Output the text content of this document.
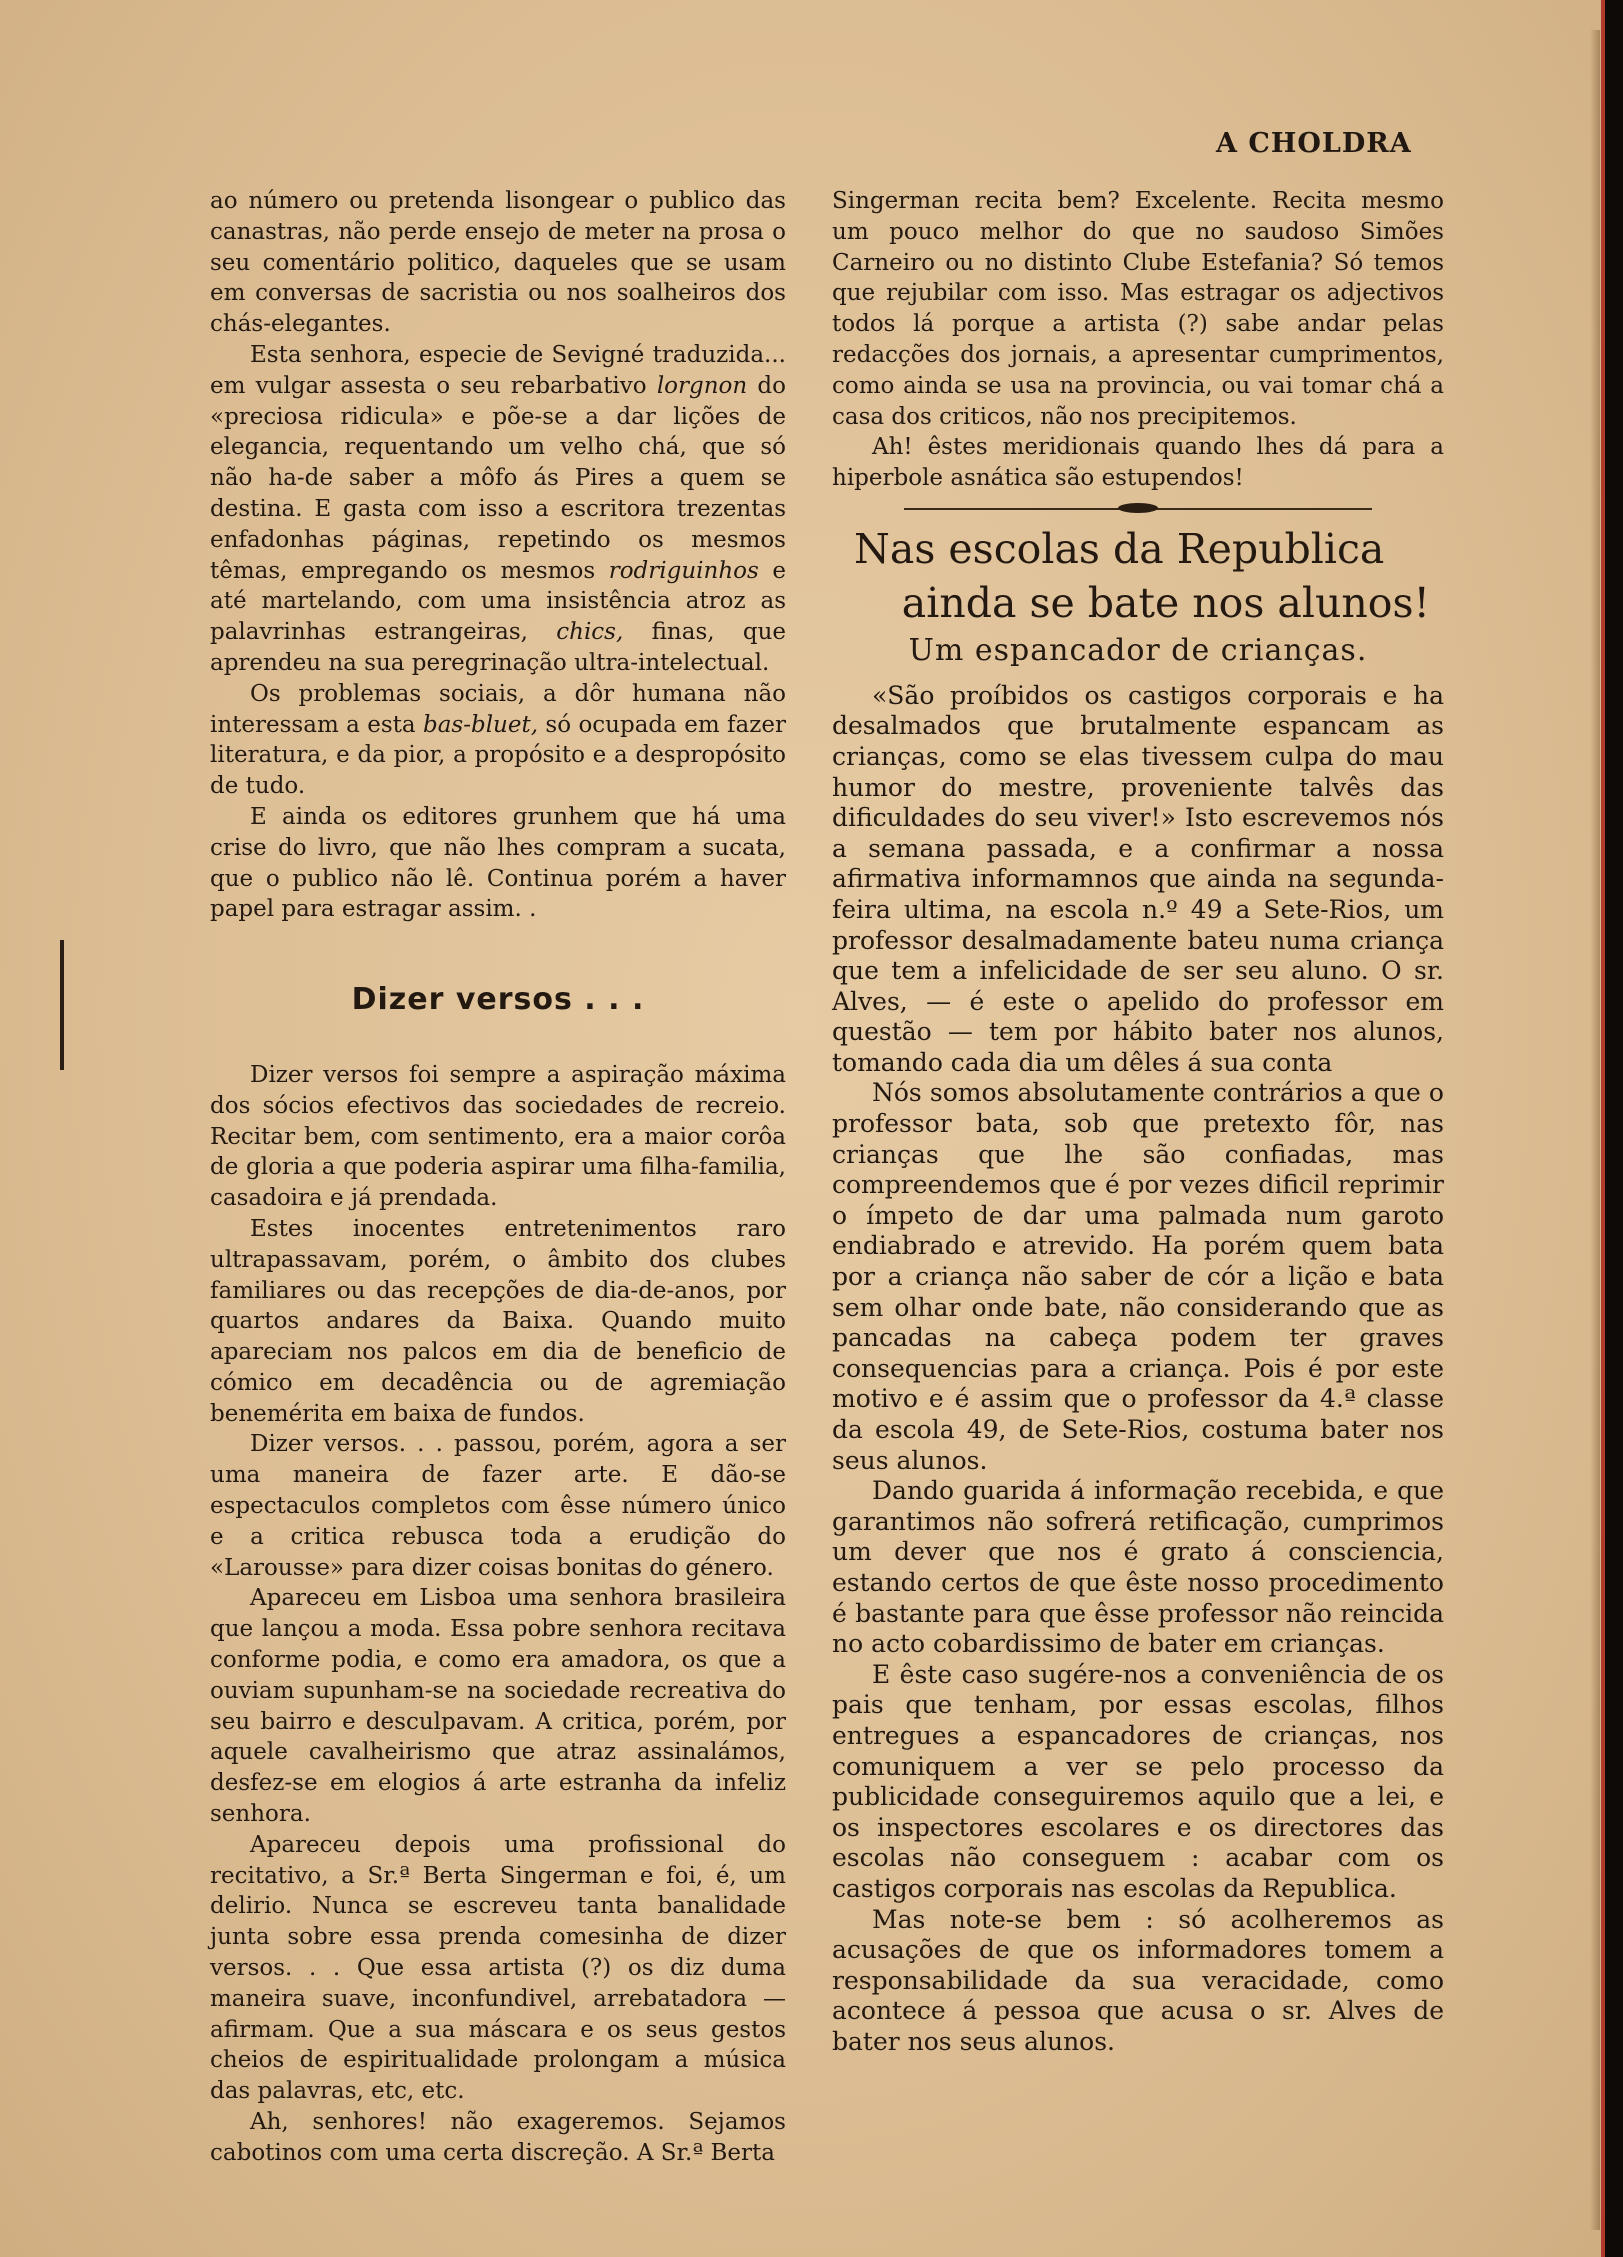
A CHOLDRA

ao número ou pretenda lisongear o publico das canastras, não perde ensejo de meter na prosa o seu comentário politico, daqueles que se usam em conversas de sacristia ou nos soalheiros dos chás-elegantes.

Esta senhora, especie de Sevigné traduzida... em vulgar assesta o seu rebarbativo lorgnon do «preciosa ridicula» e põe-se a dar lições de elegancia, requentando um velho chá, que só não ha-de saber a môfo ás Pires a quem se destina. E gasta com isso a escritora trezentas enfadonhas páginas, repetindo os mesmos têmas, empregando os mesmos rodriguinhos e até martelando, com uma insistência atroz as palavrinhas estrangeiras, chics, finas, que aprendeu na sua peregrinação ultra-intelectual.

Os problemas sociais, a dôr humana não interessam a esta bas-bluet, só ocupada em fazer literatura, e da pior, a propósito e a despropósito de tudo.

E ainda os editores grunhem que há uma crise do livro, que não lhes compram a sucata, que o publico não lê. Continua porém a haver papel para estragar assim. .

Dizer versos . . .

Dizer versos foi sempre a aspiração máxima dos sócios efectivos das sociedades de recreio. Recitar bem, com sentimento, era a maior corôa de gloria a que poderia aspirar uma filha-familia, casadoira e já prendada.

Estes inocentes entretenimentos raro ultrapassavam, porém, o âmbito dos clubes familiares ou das recepções de dia-de-anos, por quartos andares da Baixa. Quando muito apareciam nos palcos em dia de beneficio de cómico em decadência ou de agremiação benemérita em baixa de fundos.

Dizer versos. . . passou, porém, agora a ser uma maneira de fazer arte. E dão-se espectaculos completos com êsse número único e a critica rebusca toda a erudição do «Larousse» para dizer coisas bonitas do género.

Apareceu em Lisboa uma senhora brasileira que lançou a moda. Essa pobre senhora recitava conforme podia, e como era amadora, os que a ouviam supunham-se na sociedade recreativa do seu bairro e desculpavam. A critica, porém, por aquele cavalheirismo que atraz assinalámos, desfez-se em elogios á arte estranha da infeliz senhora.

Apareceu depois uma profissional do recitativo, a Sr.ª Berta Singerman e foi, é, um delirio. Nunca se escreveu tanta banalidade junta sobre essa prenda comesinha de dizer versos. . . Que essa artista (?) os diz duma maneira suave, inconfundivel, arrebatadora — afirmam. Que a sua máscara e os seus gestos cheios de espiritualidade prolongam a música das palavras, etc, etc.

Ah, senhores! não exageremos. Sejamos cabotinos com uma certa discreção. A Sr.ª Berta

Singerman recita bem? Excelente. Recita mesmo um pouco melhor do que no saudoso Simões Carneiro ou no distinto Clube Estefania? Só temos que rejubilar com isso. Mas estragar os adjectivos todos lá porque a artista (?) sabe andar pelas redacções dos jornais, a apresentar cumprimentos, como ainda se usa na provincia, ou vai tomar chá a casa dos criticos, não nos precipitemos.

Ah! êstes meridionais quando lhes dá para a hiperbole asnática são estupendos!

Nas escolas da Republica
ainda se bate nos alunos!
Um espancador de crianças.

«São proíbidos os castigos corporais e ha desalmados que brutalmente espancam as crianças, como se elas tivessem culpa do mau humor do mestre, proveniente talvês das dificuldades do seu viver!» Isto escrevemos nós a semana passada, e a confirmar a nossa afirmativa informamnos que ainda na segunda-feira ultima, na escola n.º 49 a Sete-Rios, um professor desalmadamente bateu numa criança que tem a infelicidade de ser seu aluno. O sr. Alves, — é este o apelido do professor em questão — tem por hábito bater nos alunos, tomando cada dia um dêles á sua conta

Nós somos absolutamente contrários a que o professor bata, sob que pretexto fôr, nas crianças que lhe são confiadas, mas compreendemos que é por vezes dificil reprimir o ímpeto de dar uma palmada num garoto endiabrado e atrevido. Ha porém quem bata por a criança não saber de cór a lição e bata sem olhar onde bate, não considerando que as pancadas na cabeça podem ter graves consequencias para a criança. Pois é por este motivo e é assim que o professor da 4.ª classe da escola 49, de Sete-Rios, costuma bater nos seus alunos.

Dando guarida á informação recebida, e que garantimos não sofrerá retificação, cumprimos um dever que nos é grato á consciencia, estando certos de que êste nosso procedimento é bastante para que êsse professor não reincida no acto cobardissimo de bater em crianças.

E êste caso sugére-nos a conveniência de os pais que tenham, por essas escolas, filhos entregues a espancadores de crianças, nos comuniquem a ver se pelo processo da publicidade conseguiremos aquilo que a lei, e os inspectores escolares e os directores das escolas não conseguem : acabar com os castigos corporais nas escolas da Republica.

Mas note-se bem : só acolheremos as acusações de que os informadores tomem a responsabilidade da sua veracidade, como acontece á pessoa que acusa o sr. Alves de bater nos seus alunos.
